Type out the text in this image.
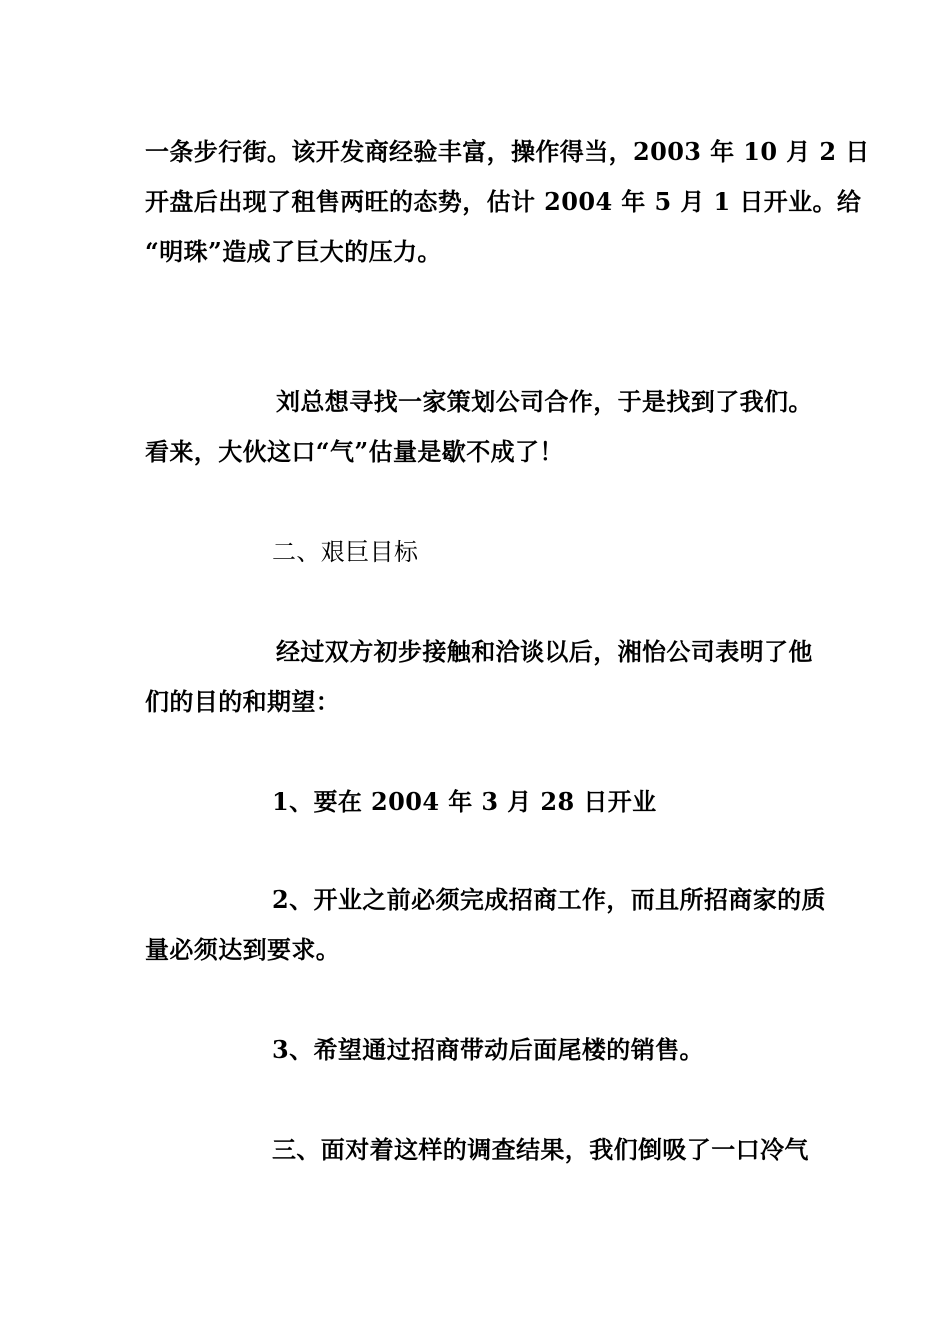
一条步行街。该开发商经验丰富，操作得当，2003 年 10 月 2 日
开盘后出现了租售两旺的态势，估计 2004 年 5 月 1 日开业。给
“明珠”造成了巨大的压力。
刘总想寻找一家策划公司合作，于是找到了我们。
看来，大伙这口“气”估量是歇不成了！
二、艰巨目标
经过双方初步接触和洽谈以后，湘怡公司表明了他
们的目的和期望：
1、要在 2004 年 3 月 28 日开业
2、开业之前必须完成招商工作，而且所招商家的质
量必须达到要求。
3、希望通过招商带动后面尾楼的销售。
三、面对着这样的调查结果，我们倒吸了一口冷气
